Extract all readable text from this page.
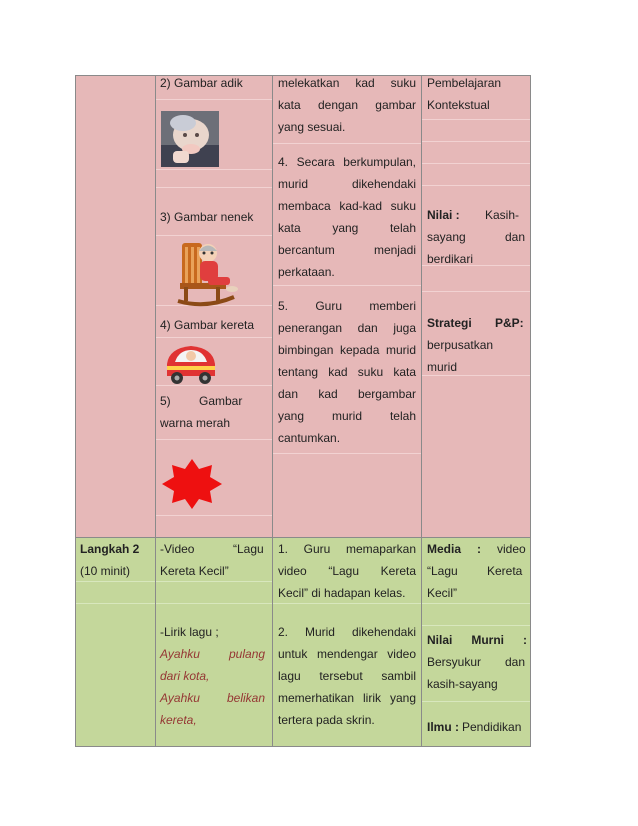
2) Gambar adik
3) Gambar nenek
4) Gambar kereta
5) Gambar
warna merah
melekatkan kad suku
kata dengan gambar
yang sesuai.
4. Secara berkumpulan,
murid dikehendaki
membaca kad-kad suku
kata yang telah
bercantum menjadi
perkataan.
5. Guru memberi
penerangan dan juga
bimbingan kepada murid
tentang kad suku kata
dan kad bergambar
yang murid telah
cantumkan.
Pembelajaran
Kontekstual
Nilai : Kasih-
sayang	dan
berdikari
Strategi P&P:
berpusatkan
murid
Langkah 2
(10 minit)
-Video	“Lagu
Kereta Kecil”
-Lirik lagu ;
Ayahku pulang
dari kota,
Ayahku belikan
kereta,
1. Guru memaparkan
video “Lagu Kereta
Kecil” di hadapan kelas.
2. Murid dikehendaki
untuk mendengar video
lagu tersebut sambil
memerhatikan lirik yang
tertera pada skrin.
Media : video
“Lagu Kereta
Kecil”
Nilai Murni :
Bersyukur dan
kasih-sayang
Ilmu : Pendidikan
